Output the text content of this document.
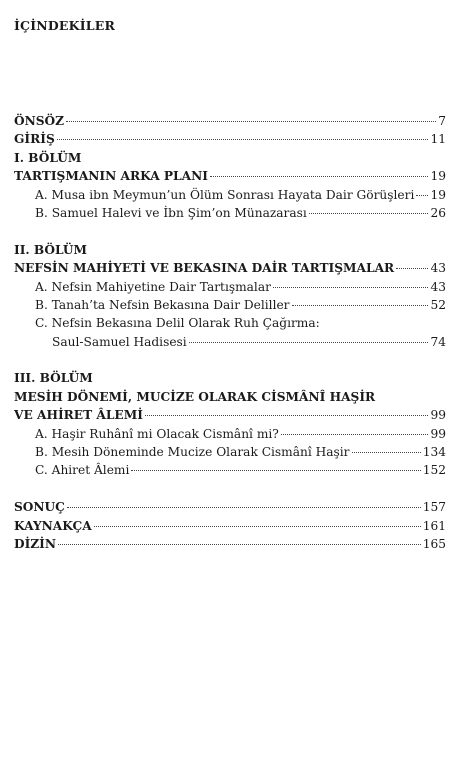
İÇİNDEKİLER
ÖNSÖZ	7
GİRİŞ	11
I. BÖLÜM
TARTIŞMANIN ARKA PLANI	19
A. Musa ibn Meymun’un Ölüm Sonrası Hayata Dair Görüşleri 19
B. Samuel Halevi ve İbn Şim’on Münazarası	26
II. BÖLÜM
NEFSİN MAHİYETİ VE BEKASINA DAİR TARTIŞMALAR	43
A. Nefsin Mahiyetine Dair Tartışmalar	43
B. Tanah’ta Nefsin Bekasına Dair Deliller	52
C. Nefsin Bekasına Delil Olarak Ruh Çağırma:
Saul-Samuel Hadisesi	74
III. BÖLÜM
MESİH DÖNEMİ, MUCİZE OLARAK CİSMÂNÎ HAŞİR
VE AHİRET ÂLEMİ	99
A. Haşir Ruhânî mi Olacak Cismânî mi?	99
B. Mesih Döneminde Mucize Olarak Cismânî Haşir	134
C. Ahiret Âlemi	152
SONUÇ	157
KAYNAKÇA	161
DİZİN	165
